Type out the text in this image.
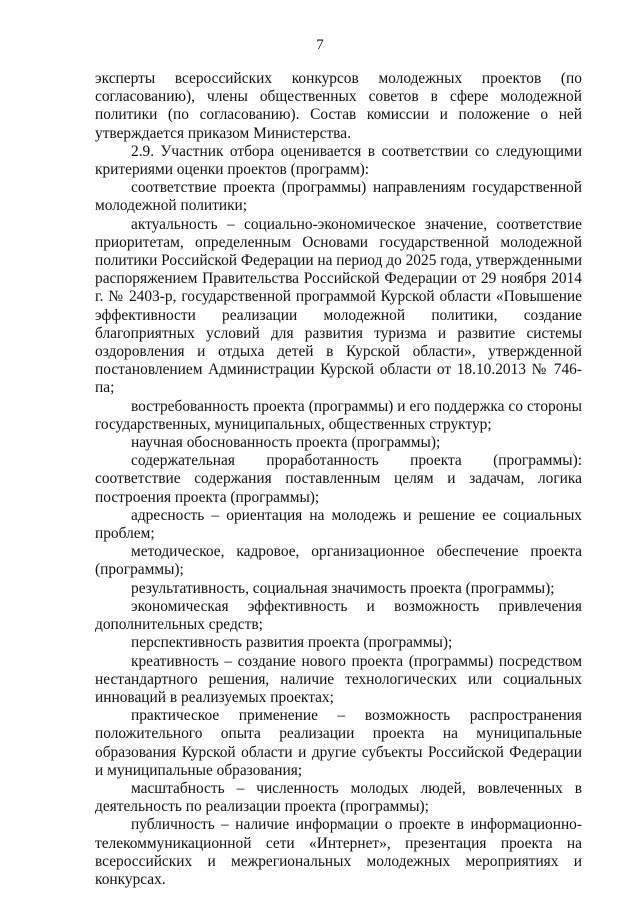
7

эксперты всероссийских конкурсов молодежных проектов (по согласованию), члены общественных советов в сфере молодежной политики (по согласованию). Состав комиссии и положение о ней утверждается приказом Министерства.

2.9. Участник отбора оценивается в соответствии со следующими критериями оценки проектов (программ):

соответствие проекта (программы) направлениям государственной молодежной политики;

актуальность – социально-экономическое значение, соответствие приоритетам, определенным Основами государственной молодежной политики Российской Федерации на период до 2025 года, утвержденными распоряжением Правительства Российской Федерации от 29 ноября 2014 г. № 2403-р, государственной программой Курской области «Повышение эффективности реализации молодежной политики, создание благоприятных условий для развития туризма и развитие системы оздоровления и отдыха детей в Курской области», утвержденной постановлением Администрации Курской области от 18.10.2013 № 746-па;

востребованность проекта (программы) и его поддержка со стороны государственных, муниципальных, общественных структур;

научная обоснованность проекта (программы);

содержательная проработанность проекта (программы): соответствие содержания поставленным целям и задачам, логика построения проекта (программы);

адресность – ориентация на молодежь и решение ее социальных проблем;

методическое, кадровое, организационное обеспечение проекта (программы);

результативность, социальная значимость проекта (программы);

экономическая эффективность и возможность привлечения дополнительных средств;

перспективность развития проекта (программы);

креативность – создание нового проекта (программы) посредством нестандартного решения, наличие технологических или социальных инноваций в реализуемых проектах;

практическое применение – возможность распространения положительного опыта реализации проекта на муниципальные образования Курской области и другие субъекты Российской Федерации и муниципальные образования;

масштабность – численность молодых людей, вовлеченных в деятельность по реализации проекта (программы);

публичность – наличие информации о проекте в информационно-телекоммуникационной сети «Интернет», презентация проекта на всероссийских и межрегиональных молодежных мероприятиях и конкурсах.
